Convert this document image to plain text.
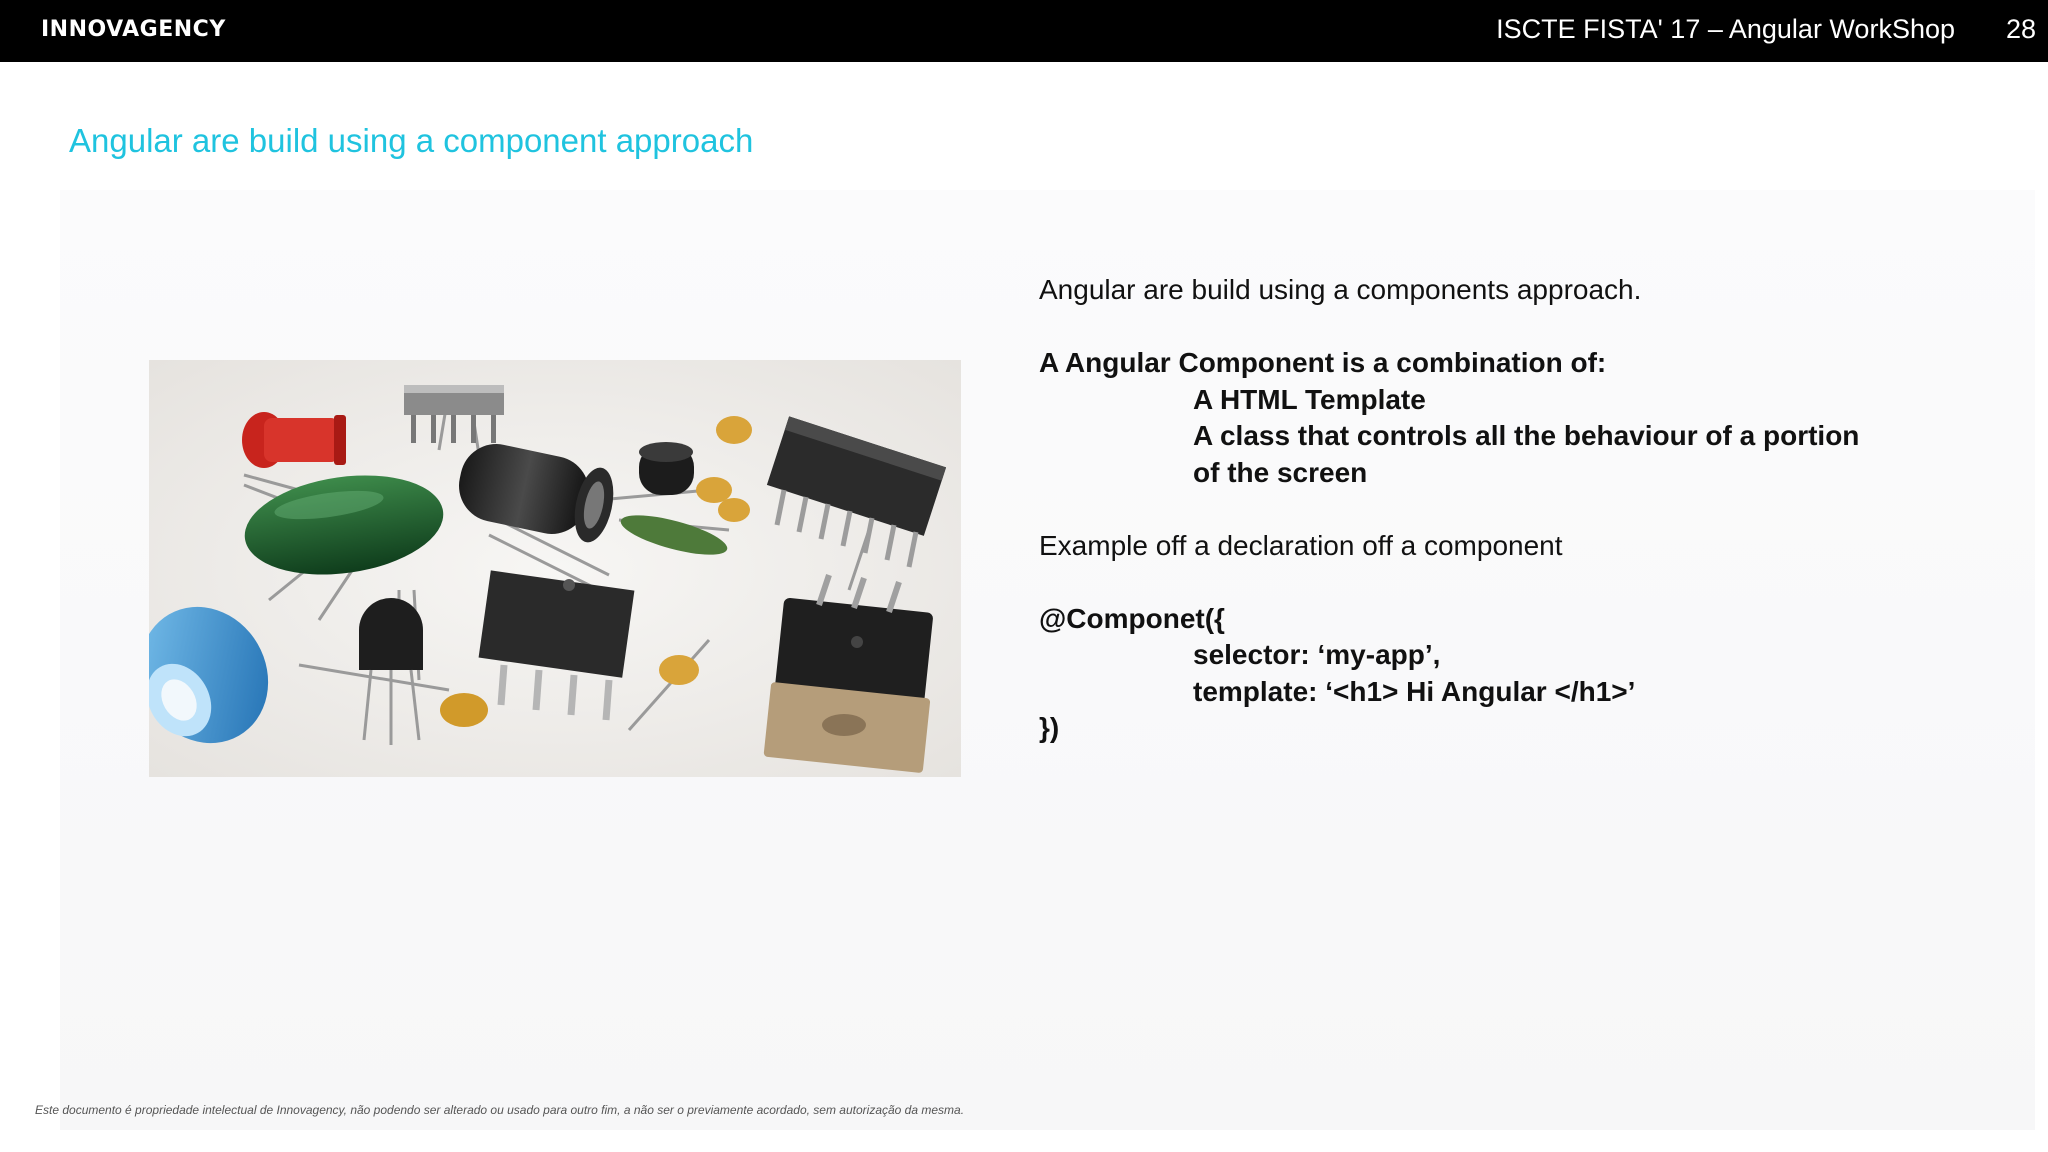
INNOVAGENCY	ISCTE FISTA' 17 – Angular WorkShop 28
Angular are build using a component approach
Angular are build using a components approach.
A Angular Component is a combination of:
A HTML Template
A class that controls all the behaviour of a portion
of the screen
Example off a declaration off a component
@Componet({
selector: ‘my-app’,
template: ‘<h1> Hi Angular </h1>’
})
Este documento é propriedade intelectual de Innovagency, não podendo ser alterado ou usado para outro fim, a não ser o previamente acordado, sem autorização da mesma.
